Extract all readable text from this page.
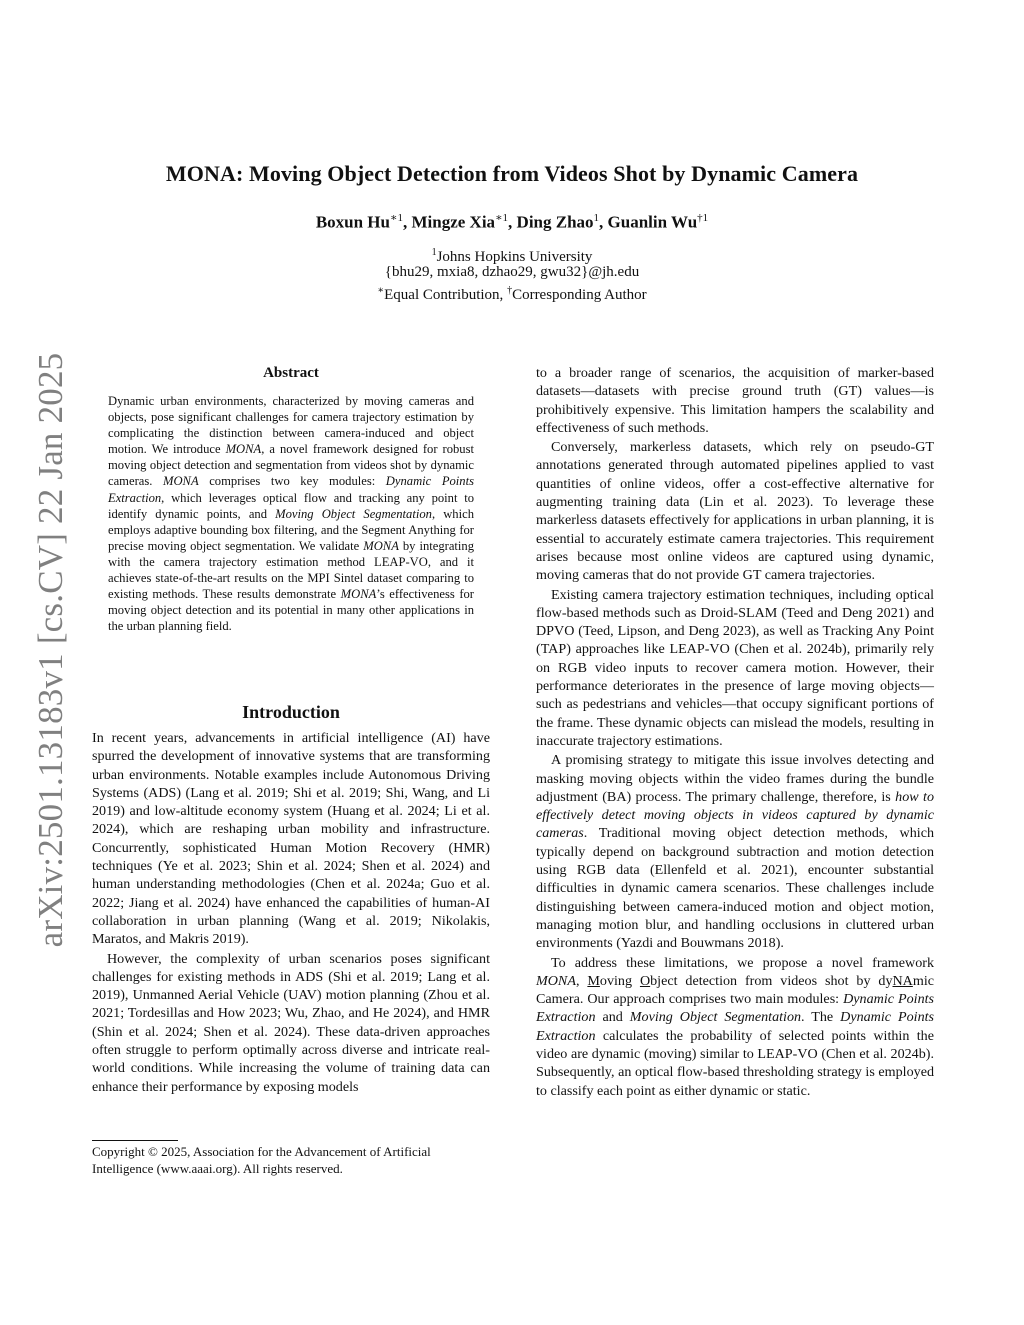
MONA: Moving Object Detection from Videos Shot by Dynamic Camera
Boxun $Hu^{∗1}$, Mingze Xia$^{∗1}$, Ding Zhao$^1$, Guanlin Wu$^{\dagger 1}$
$^1$Johns Hopkins University
{bhu29, mxia8, dzhao29, gwu32}@jh.edu
∗Equal Contribution, †Corresponding Author
arXiv:2501.13183v1 [cs.CV] 22 Jan 2025	Abstract
Dynamic urban environments, characterized by moving cameras and objects, pose significant challenges for camera trajectory estimation by complicating the distinction between camera-induced and object motion. We introduce MONA, a novel framework designed for robust moving object detection and segmentation from videos shot by dynamic cameras. MONA comprises two key modules: Dynamic Points Extraction, which leverages optical flow and tracking any point to identify dynamic points, and Moving Object Segmentation, which employs adaptive bounding box filtering, and the Segment Anything for precise moving object segmentation. We validate MONA by integrating with the camera trajectory estimation method LEAP-VO, and it achieves state-of-the-art results on the MPI Sintel dataset comparing to existing methods. These results demonstrate MONA’s effectiveness for moving object detection and its potential in many other applications in the urban planning field.
Introduction

In recent years, advancements in artificial intelligence (AI) have spurred the development of innovative systems that are transforming urban environments. Notable examples include Autonomous Driving Systems (ADS) (Lang et al. 2019; Shi et al. 2019; Shi, Wang, and Li 2019) and low-altitude economy system (Huang et al. 2024; Li et al. 2024), which are reshaping urban mobility and infrastructure. Concurrently, sophisticated Human Motion Recovery (HMR) techniques (Ye et al. 2023; Shin et al. 2024; Shen et al. 2024) and human understanding methodologies (Chen et al. 2024a; Guo et al. 2022; Jiang et al. 2024) have enhanced the capabilities of human-AI collaboration in urban planning (Wang et al. 2019; Nikolakis, Maratos, and Makris 2019).

However, the complexity of urban scenarios poses significant challenges for existing methods in ADS (Shi et al. 2019; Lang et al. 2019), Unmanned Aerial Vehicle (UAV) motion planning (Zhou et al. 2021; Tordesillas and How 2023; Wu, Zhao, and He 2024), and HMR (Shin et al. 2024; Shen et al. 2024). These data-driven approaches often struggle to perform optimally across diverse and intricate real-world conditions. While increasing the volume of training data can enhance their performance by exposing models

Copyright © 2025, Association for the Advancement of Artificial Intelligence (www.aaai.org). All rights reserved.

to a broader range of scenarios, the acquisition of marker-based datasets—datasets with precise ground truth (GT) values—is prohibitively expensive. This limitation hampers the scalability and effectiveness of such methods.

Conversely, markerless datasets, which rely on pseudo-GT annotations generated through automated pipelines applied to vast quantities of online videos, offer a cost-effective alternative for augmenting training data (Lin et al. 2023). To leverage these markerless datasets effectively for applications in urban planning, it is essential to accurately estimate camera trajectories. This requirement arises because most online videos are captured using dynamic, moving cameras that do not provide GT camera trajectories.

Existing camera trajectory estimation techniques, including optical flow-based methods such as Droid-SLAM (Teed and Deng 2021) and DPVO (Teed, Lipson, and Deng 2023), as well as Tracking Any Point (TAP) approaches like LEAP-VO (Chen et al. 2024b), primarily rely on RGB video inputs to recover camera motion. However, their performance deteriorates in the presence of large moving objects—such as pedestrians and vehicles—that occupy significant portions of the frame. These dynamic objects can mislead the models, resulting in inaccurate trajectory estimations.

A promising strategy to mitigate this issue involves detecting and masking moving objects within the video frames during the bundle adjustment (BA) process. The primary challenge, therefore, is how to effectively detect moving objects in videos captured by dynamic cameras. Traditional moving object detection methods, which typically depend on background subtraction and motion detection using RGB data (Ellenfeld et al. 2021), encounter substantial difficulties in dynamic camera scenarios. These challenges include distinguishing between camera-induced motion and object motion, managing motion blur, and handling occlusions in cluttered urban environments (Yazdi and Bouwmans 2018).

To address these limitations, we propose a novel framework MONA, Moving Object detection from videos shot by dyNAmic Camera. Our approach comprises two main modules: Dynamic Points Extraction and Moving Object Segmentation. The Dynamic Points Extraction calculates the probability of selected points within the video are dynamic (moving) similar to LEAP-VO (Chen et al. 2024b). Subsequently, an optical flow-based thresholding strategy is employed to classify each point as either dynamic or static.
